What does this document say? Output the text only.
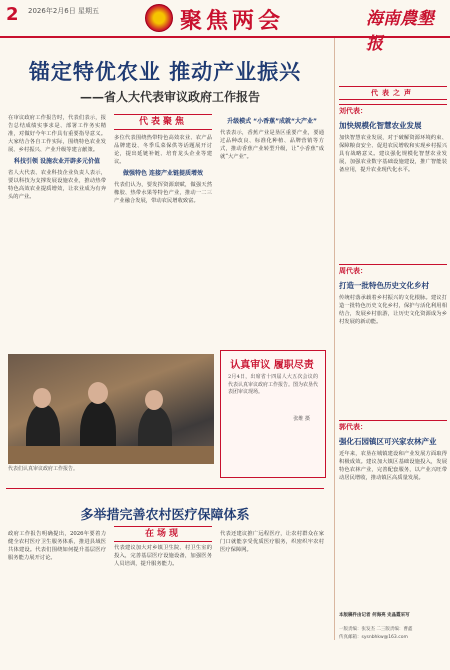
2 2026年2月6日 星期五	聚焦两会	海南農墾报
锚定特优农业 推动产业振兴
——省人大代表审议政府工作报告
在审议政府工作报告时，代表们表示，报告总结成绩实事求是、部署工作务实精准，对做好今年工作具有重要指导意义。大家结合各自工作实际，围绕特色农业发展、乡村振兴、产业升级等建言献策。
科技引领 设施农业开辟多元价值
省人大代表、农业科技企业负责人表示，要以科技为支撑发展设施农业，推动热带特色高效农业提质增效，让农业成为有奔头的产业。
代表聚焦
多位代表围绕热带特色高效农业、农产品品牌建设、冬季瓜菜保供等话题展开讨论，提出延链补链、培育龙头企业等建议。
做强特色 连接产业链提质增效
代表们认为，要发挥资源禀赋，做强天然橡胶、热带水果等特色产业，推动一二三产业融合发展，带动农民增收致富。
升级模式 “小香蕉”成就“大产业”
代表表示，香蕉产业是垦区重要产业，要通过品种改良、标准化种植、品牌营销等方式，推动香蕉产业转型升级，让“小香蕉”成就“大产业”。
代表们认真审议政府工作报告。
认真审议 履职尽责
2月4日，出席省十四届人大五次会议的代表认真审议政府工作报告。图为农垦代表团审议现场。
张维 摄
多举措完善农村医疗保障体系
政府工作报告明确提出，2026年要着力健全农村医疗卫生服务体系，推进县域医共体建设。代表们围绕如何提升基层医疗服务能力展开讨论。
在场现
代表建议加大对乡镇卫生院、村卫生室的投入，完善基层医疗设施设备，加强医务人员培训，提升服务能力。
代表还建议推广远程医疗，让农村群众在家门口就能享受优质医疗服务，织密织牢农村医疗保障网。
代表之声
刘代表：
加快规模化智慧农业发展
加快智慧农业发展，对于破解资源环境约束、保障粮食安全、促进农民增收和实现乡村振兴具有战略意义。建议强化规模化智慧农业发展，加强农业数字基础设施建设，推广智能装备应用，提升农业现代化水平。
周代表：
打造一批特色历史文化乡村
传统村落承载着乡村振兴的文化根脉。建议打造一批特色历史文化乡村，保护与活化利用相结合，发展乡村旅游，让历史文化资源成为乡村发展的新动能。
郭代表：
强化石园镇区可兴家农林产业
近年来，农垦在城镇建设和产业发展方面取得积极成效。建议加大镇区基础设施投入，发展特色农林产业，完善配套服务，以产业兴旺带动居民增收，推动镇区高质量发展。
本版稿件由记者 何海亮 史晶霞采写
一版责编：张发杰 二三版责编：曹鑫
传真邮箱：sysnbhkw@163.com
